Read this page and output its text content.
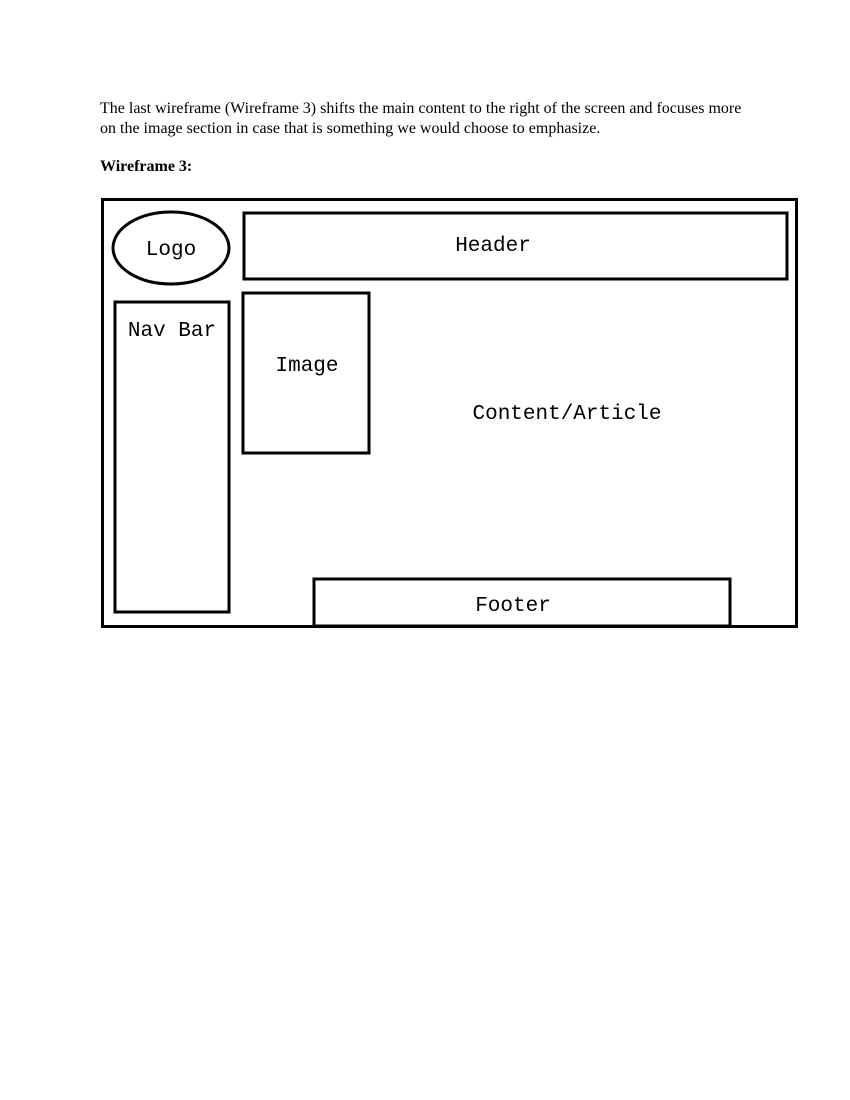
The last wireframe (Wireframe 3) shifts the main content to the right of the screen and focuses more on the image section in case that is something we would choose to emphasize.

Wireframe 3:

Logo	Header
Nav Bar
Image
Content/Article
Footer
